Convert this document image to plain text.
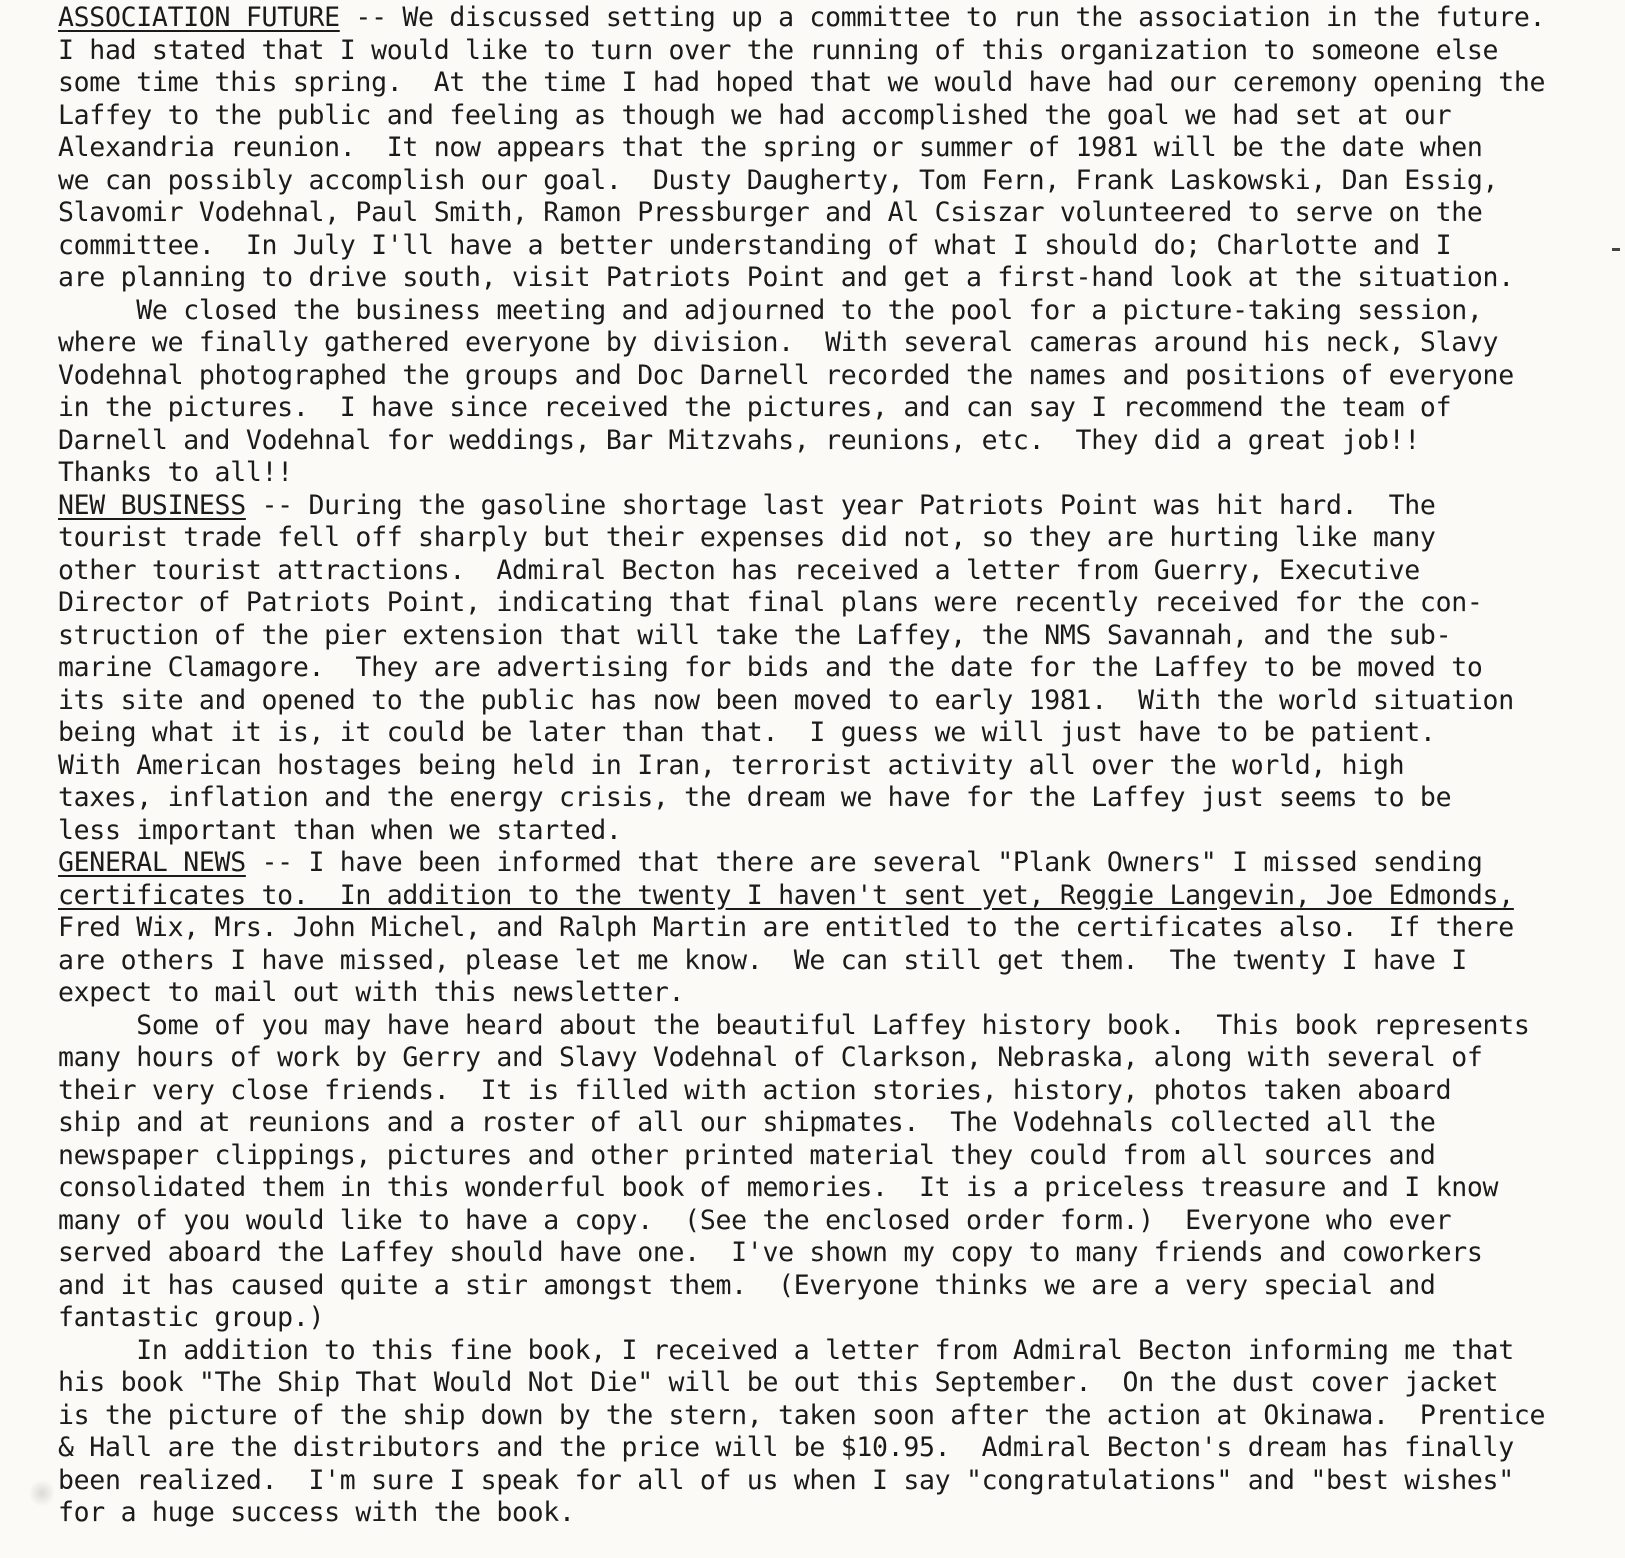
ASSOCIATION FUTURE -- We discussed setting up a committee to run the association in the future.
I had stated that I would like to turn over the running of this organization to someone else
some time this spring.  At the time I had hoped that we would have had our ceremony opening the
Laffey to the public and feeling as though we had accomplished the goal we had set at our
Alexandria reunion.  It now appears that the spring or summer of 1981 will be the date when
we can possibly accomplish our goal.  Dusty Daugherty, Tom Fern, Frank Laskowski, Dan Essig,
Slavomir Vodehnal, Paul Smith, Ramon Pressburger and Al Csiszar volunteered to serve on the
committee.  In July I'll have a better understanding of what I should do; Charlotte and I
are planning to drive south, visit Patriots Point and get a first-hand look at the situation.
We closed the business meeting and adjourned to the pool for a picture-taking session,
where we finally gathered everyone by division.  With several cameras around his neck, Slavy
Vodehnal photographed the groups and Doc Darnell recorded the names and positions of everyone
in the pictures.  I have since received the pictures, and can say I recommend the team of
Darnell and Vodehnal for weddings, Bar Mitzvahs, reunions, etc.  They did a great job!!
Thanks to all!!
NEW BUSINESS -- During the gasoline shortage last year Patriots Point was hit hard.  The
tourist trade fell off sharply but their expenses did not, so they are hurting like many
other tourist attractions.  Admiral Becton has received a letter from Guerry, Executive
Director of Patriots Point, indicating that final plans were recently received for the con-
struction of the pier extension that will take the Laffey, the NMS Savannah, and the sub-
marine Clamagore.  They are advertising for bids and the date for the Laffey to be moved to
its site and opened to the public has now been moved to early 1981.  With the world situation
being what it is, it could be later than that.  I guess we will just have to be patient.
With American hostages being held in Iran, terrorist activity all over the world, high
taxes, inflation and the energy crisis, the dream we have for the Laffey just seems to be
less important than when we started.
GENERAL NEWS -- I have been informed that there are several "Plank Owners" I missed sending
certificates to.  In addition to the twenty I haven't sent yet, Reggie Langevin, Joe Edmonds,
Fred Wix, Mrs. John Michel, and Ralph Martin are entitled to the certificates also.  If there
are others I have missed, please let me know.  We can still get them.  The twenty I have I
expect to mail out with this newsletter.
Some of you may have heard about the beautiful Laffey history book.  This book represents
many hours of work by Gerry and Slavy Vodehnal of Clarkson, Nebraska, along with several of
their very close friends.  It is filled with action stories, history, photos taken aboard
ship and at reunions and a roster of all our shipmates.  The Vodehnals collected all the
newspaper clippings, pictures and other printed material they could from all sources and
consolidated them in this wonderful book of memories.  It is a priceless treasure and I know
many of you would like to have a copy.  (See the enclosed order form.)  Everyone who ever
served aboard the Laffey should have one.  I've shown my copy to many friends and coworkers
and it has caused quite a stir amongst them.  (Everyone thinks we are a very special and
fantastic group.)
In addition to this fine book, I received a letter from Admiral Becton informing me that
his book "The Ship That Would Not Die" will be out this September.  On the dust cover jacket
is the picture of the ship down by the stern, taken soon after the action at Okinawa.  Prentice
& Hall are the distributors and the price will be $10.95.  Admiral Becton's dream has finally
been realized.  I'm sure I speak for all of us when I say "congratulations" and "best wishes"
for a huge success with the book.
